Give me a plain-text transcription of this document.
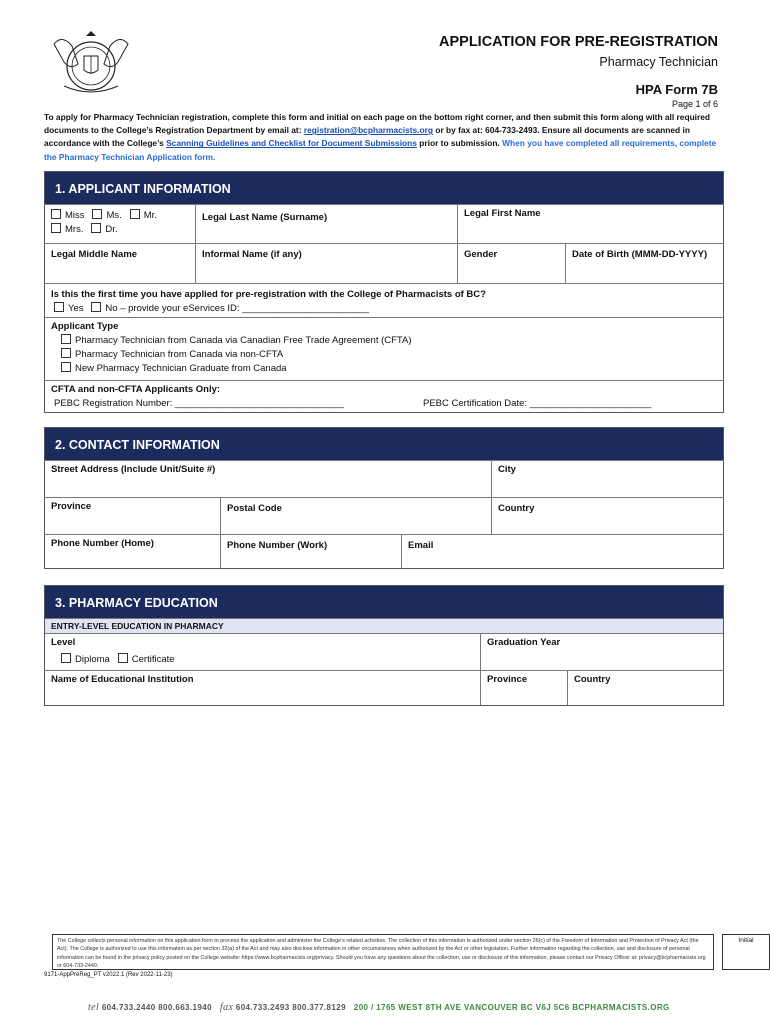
APPLICATION FOR PRE-REGISTRATION
Pharmacy Technician
HPA Form 7B
Page 1 of 6
To apply for Pharmacy Technician registration, complete this form and initial on each page on the bottom right corner, and then submit this form along with all required documents to the College’s Registration Department by email at: registration@bcpharmacists.org or by fax at: 604-733-2493. Ensure all documents are scanned in accordance with the College’s Scanning Guidelines and Checklist for Document Submissions prior to submission. When you have completed all requirements, complete the Pharmacy Technician Application form.
1. APPLICANT INFORMATION
Miss Ms. Mr.
Mrs. Dr.
Legal Last Name (Surname)	Legal First Name
Legal Middle Name	Informal Name (if any)	Gender	Date of Birth (MMM-DD-YYYY)
Is this the first time you have applied for pre-registration with the College of Pharmacists of BC?
Yes No – provide your eServices ID: ________________________
Applicant Type
Pharmacy Technician from Canada via Canadian Free Trade Agreement (CFTA)
Pharmacy Technician from Canada via non-CFTA
New Pharmacy Technician Graduate from Canada
CFTA and non-CFTA Applicants Only:
PEBC Registration Number: ________________________________	PEBC Certification Date: _______________________
2. CONTACT INFORMATION
Street Address (Include Unit/Suite #)	City
Province	Postal Code	Country
Phone Number (Home)	Phone Number (Work)	Email
3. PHARMACY EDUCATION
ENTRY-LEVEL EDUCATION IN PHARMACY
Level
Diploma Certificate
Graduation Year
Name of Educational Institution	Province	Country
The College collects personal information on this application form to process the application and administer the College’s related activities. The collection of this information is authorized under section 26(c) of the Freedom of Information and Protection of Privacy Act (the Act). The College is authorized to use this information as per section 32(a) of the Act and may also disclose information in other circumstances when authorized by the Act or other legislation. Further information regarding the collection, use and disclosure of personal information can be found in the privacy policy posted on the College website: https://www.bcpharmacists.org/privacy. Should you have any questions about the collection, use or disclosure of this information, please contact our Privacy Officer at: privacy@bcpharmacists.org or 604-733-2440.
Initial
9171-AppPreReg_PT v2022.1 (Rev 2022-11-23)
tel 604.733.2440 800.663.1940 fax 604.733.2493 800.377.8129 200 / 1765 WEST 8TH AVE VANCOUVER BC V6J 5C6 BCPHARMACISTS.ORG
